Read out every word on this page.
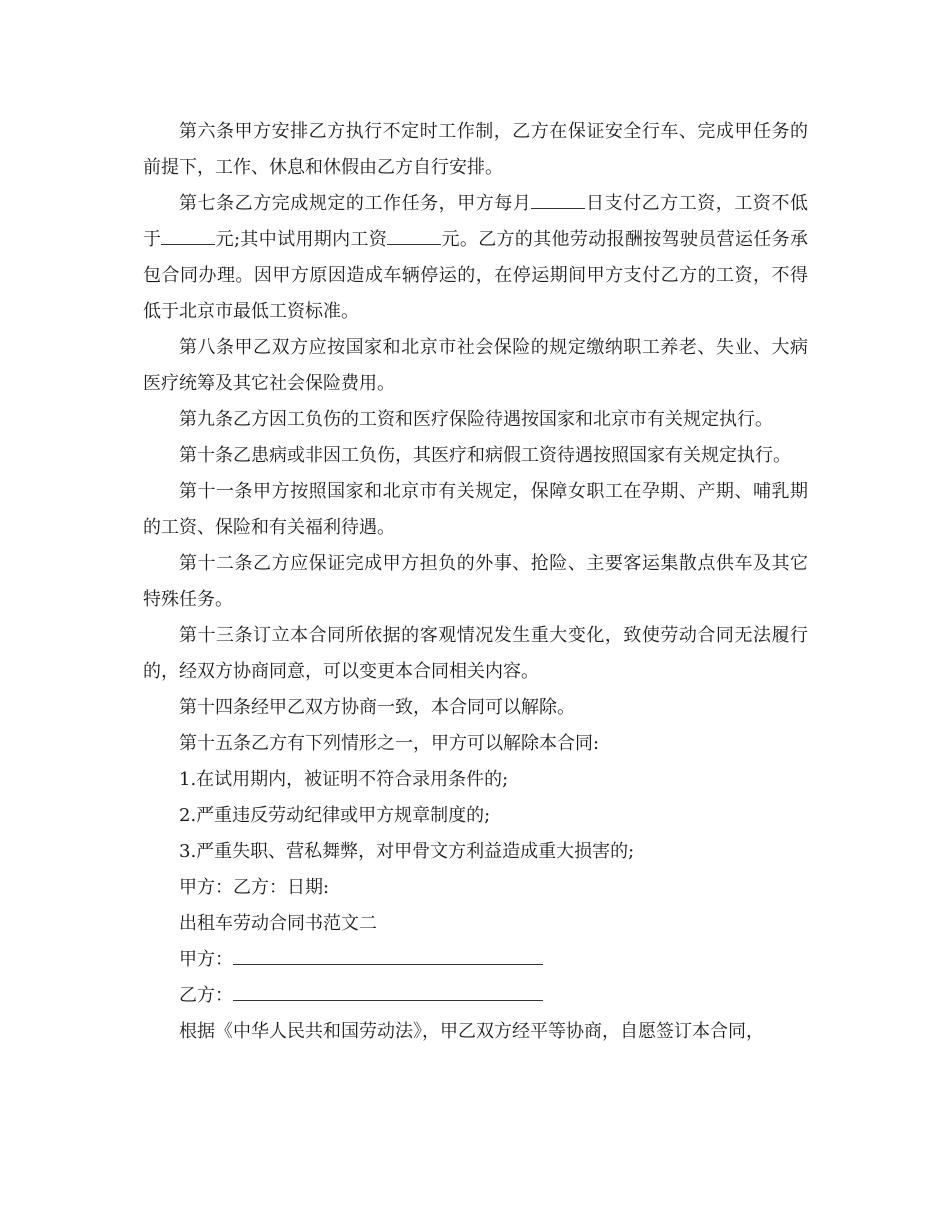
第六条甲方安排乙方执行不定时工作制，乙方在保证安全行车、完成甲任务的前提下，工作、休息和休假由乙方自行安排。

第七条乙方完成规定的工作任务，甲方每月	日支付乙方工资，工资不低于	元;其中试用期内工资	元。乙方的其他劳动报酬按驾驶员营运任务承包合同办理。因甲方原因造成车辆停运的，在停运期间甲方支付乙方的工资，不得低于北京市最低工资标准。

第八条甲乙双方应按国家和北京市社会保险的规定缴纳职工养老、失业、大病医疗统筹及其它社会保险费用。

第九条乙方因工负伤的工资和医疗保险待遇按国家和北京市有关规定执行。

第十条乙患病或非因工负伤，其医疗和病假工资待遇按照国家有关规定执行。

第十一条甲方按照国家和北京市有关规定，保障女职工在孕期、产期、哺乳期的工资、保险和有关福利待遇。

第十二条乙方应保证完成甲方担负的外事、抢险、主要客运集散点供车及其它特殊任务。

第十三条订立本合同所依据的客观情况发生重大变化，致使劳动合同无法履行的，经双方协商同意，可以变更本合同相关内容。

第十四条经甲乙双方协商一致，本合同可以解除。

第十五条乙方有下列情形之一，甲方可以解除本合同:

1.在试用期内，被证明不符合录用条件的;

2.严重违反劳动纪律或甲方规章制度的;

3.严重失职、营私舞弊，对甲骨文方利益造成重大损害的;

甲方：乙方：日期:

出租车劳动合同书范文二

甲方：

乙方：

根据《中华人民共和国劳动法》，甲乙双方经平等协商，自愿签订本合同，
